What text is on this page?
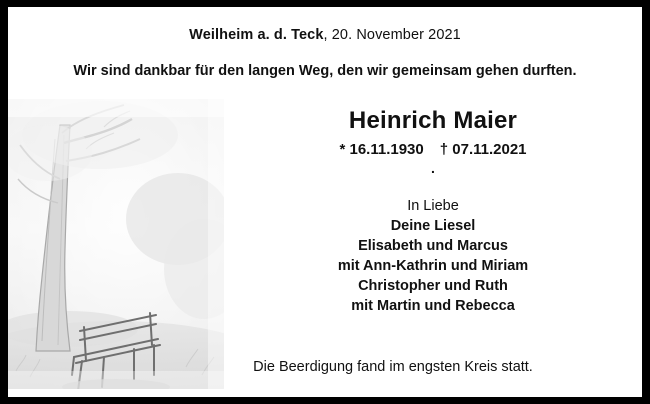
Weilheim a. d. Teck, 20. November 2021
Wir sind dankbar für den langen Weg, den wir gemeinsam gehen durften.
Heinrich Maier
* 16.11.1930 † 07.11.2021
.
In Liebe
Deine Liesel
Elisabeth und Marcus
mit Ann-Kathrin und Miriam
Christopher und Ruth
mit Martin und Rebecca
Die Beerdigung fand im engsten Kreis statt.
